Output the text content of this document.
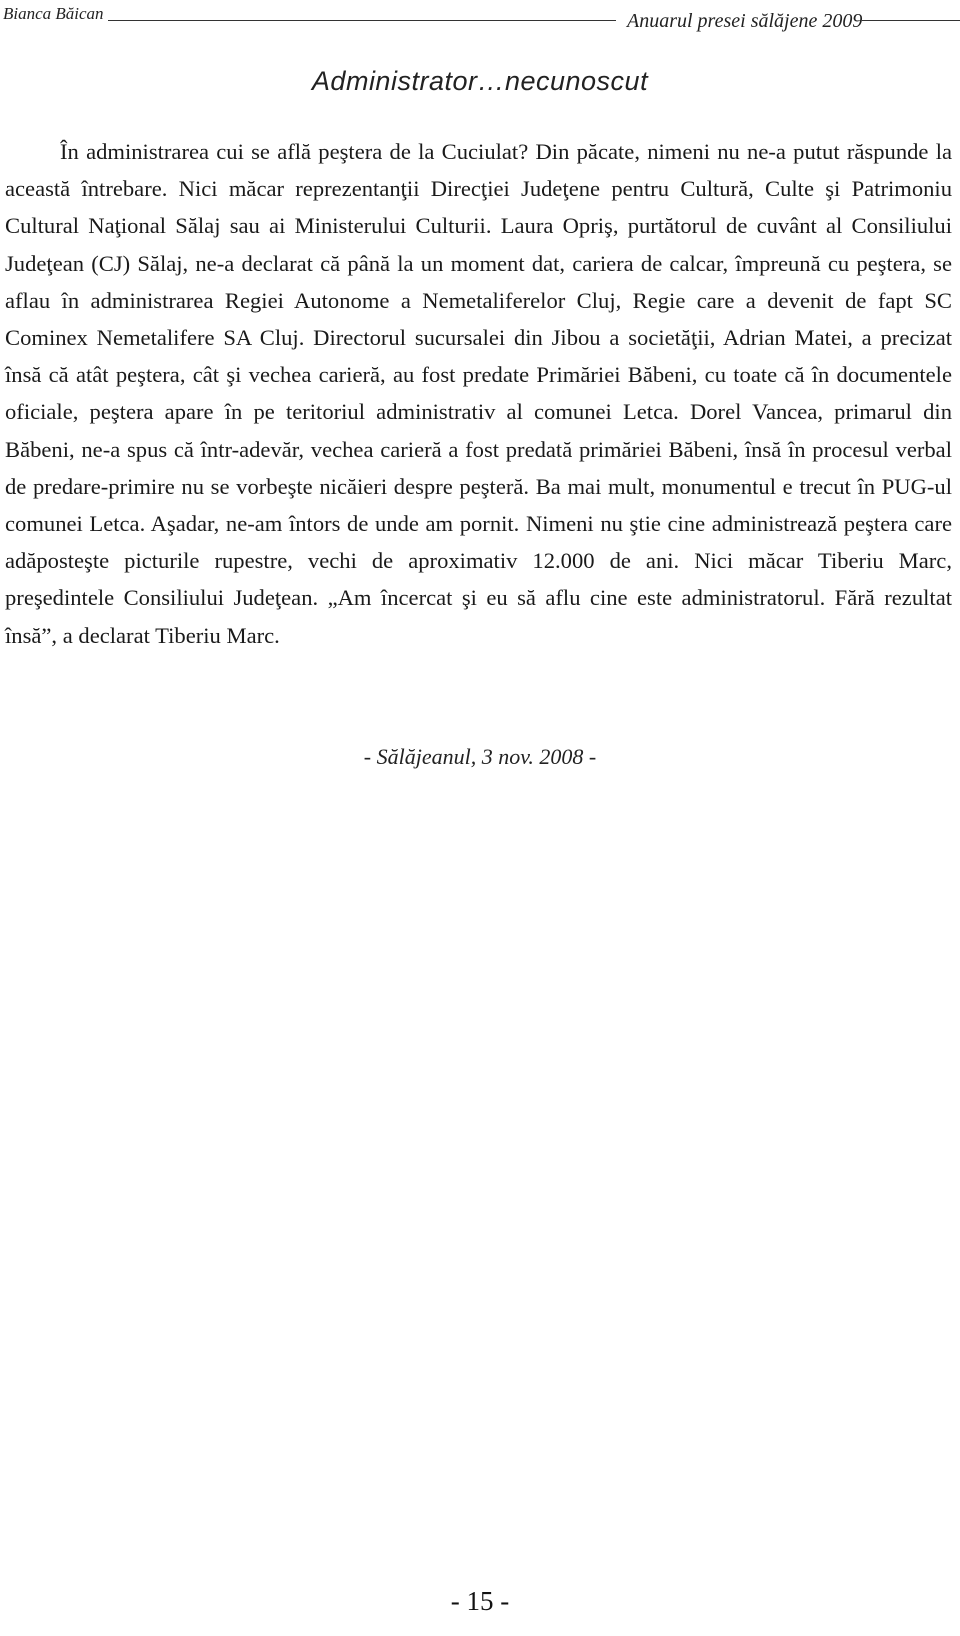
Bianca Băican	Anuarul presei sălăjene 2009
Administrator…necunoscut

În administrarea cui se află peştera de la Cuciulat? Din păcate, nimeni nu ne-a putut răspunde la această întrebare. Nici măcar reprezentanţii Direcţiei Judeţene pentru Cultură, Culte şi Patrimoniu Cultural Naţional Sălaj sau ai Ministerului Culturii. Laura Opriş, purtătorul de cuvânt al Consiliului Judeţean (CJ) Sălaj, ne-a declarat că până la un moment dat, cariera de calcar, împreună cu peştera, se aflau în administrarea Regiei Autonome a Nemetaliferelor Cluj, Regie care a devenit de fapt SC Cominex Nemetalifere SA Cluj. Directorul sucursalei din Jibou a societăţii, Adrian Matei, a precizat însă că atât peştera, cât şi vechea carieră, au fost predate Primăriei Băbeni, cu toate că în documentele oficiale, peştera apare în pe teritoriul administrativ al comunei Letca. Dorel Vancea, primarul din Băbeni, ne-a spus că într-adevăr, vechea carieră a fost predată primăriei Băbeni, însă în procesul verbal de predare-primire nu se vorbeşte nicăieri despre peşteră. Ba mai mult, monumentul e trecut în PUG-ul comunei Letca. Aşadar, ne-am întors de unde am pornit. Nimeni nu ştie cine administrează peştera care adăposteşte picturile rupestre, vechi de aproximativ 12.000 de ani. Nici măcar Tiberiu Marc, preşedintele Consiliului Judeţean. „Am încercat şi eu să aflu cine este administratorul. Fără rezultat însă”, a declarat Tiberiu Marc.

- Sălăjeanul, 3 nov. 2008 -
- 15 -
